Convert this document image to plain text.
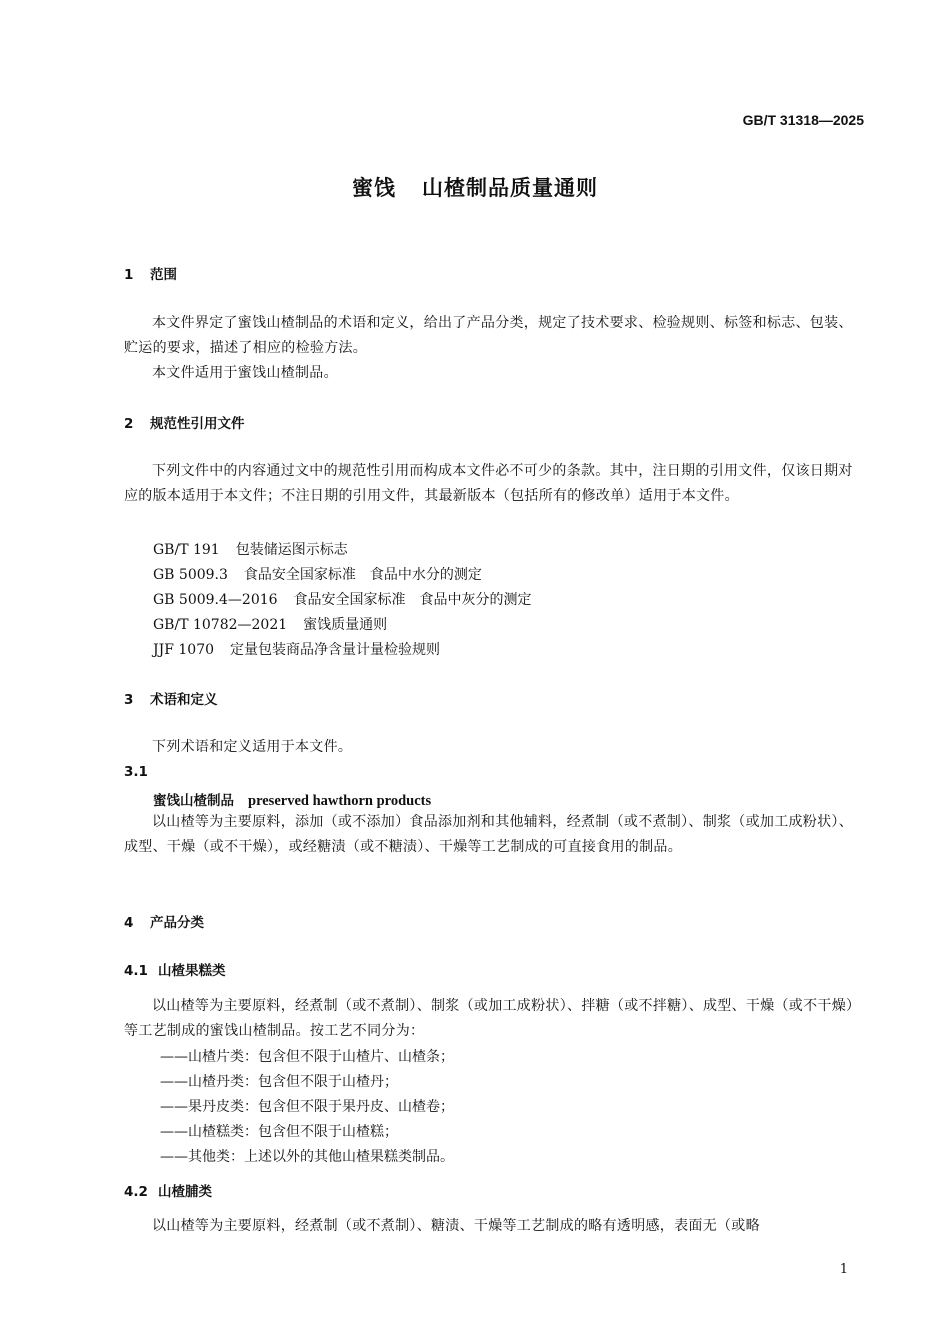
GB/T 31318—2025
蜜饯 山楂制品质量通则
1 范围
本文件界定了蜜饯山楂制品的术语和定义，给出了产品分类，规定了技术要求、检验规则、标签和标志、包装、贮运的要求，描述了相应的检验方法。
本文件适用于蜜饯山楂制品。
2 规范性引用文件
下列文件中的内容通过文中的规范性引用而构成本文件必不可少的条款。其中，注日期的引用文件，仅该日期对应的版本适用于本文件；不注日期的引用文件，其最新版本（包括所有的修改单）适用于本文件。
GB/T 191 包装储运图示标志
GB 5009.3 食品安全国家标准　食品中水分的测定
GB 5009.4—2016 食品安全国家标准　食品中灰分的测定
GB/T 10782—2021 蜜饯质量通则
JJF 1070 定量包装商品净含量计量检验规则
3 术语和定义
下列术语和定义适用于本文件。
3.1
蜜饯山楂制品 preserved hawthorn products
以山楂等为主要原料，添加（或不添加）食品添加剂和其他辅料，经煮制（或不煮制）、制浆（或加工成粉状）、成型、干燥（或不干燥），或经糖渍（或不糖渍）、干燥等工艺制成的可直接食用的制品。
4 产品分类
4.1 山楂果糕类
以山楂等为主要原料，经煮制（或不煮制）、制浆（或加工成粉状）、拌糖（或不拌糖）、成型、干燥（或不干燥）等工艺制成的蜜饯山楂制品。按工艺不同分为：
——山楂片类：包含但不限于山楂片、山楂条；
——山楂丹类：包含但不限于山楂丹；
——果丹皮类：包含但不限于果丹皮、山楂卷；
——山楂糕类：包含但不限于山楂糕；
——其他类：上述以外的其他山楂果糕类制品。
4.2 山楂脯类
以山楂等为主要原料，经煮制（或不煮制）、糖渍、干燥等工艺制成的略有透明感，表面无（或略
1
